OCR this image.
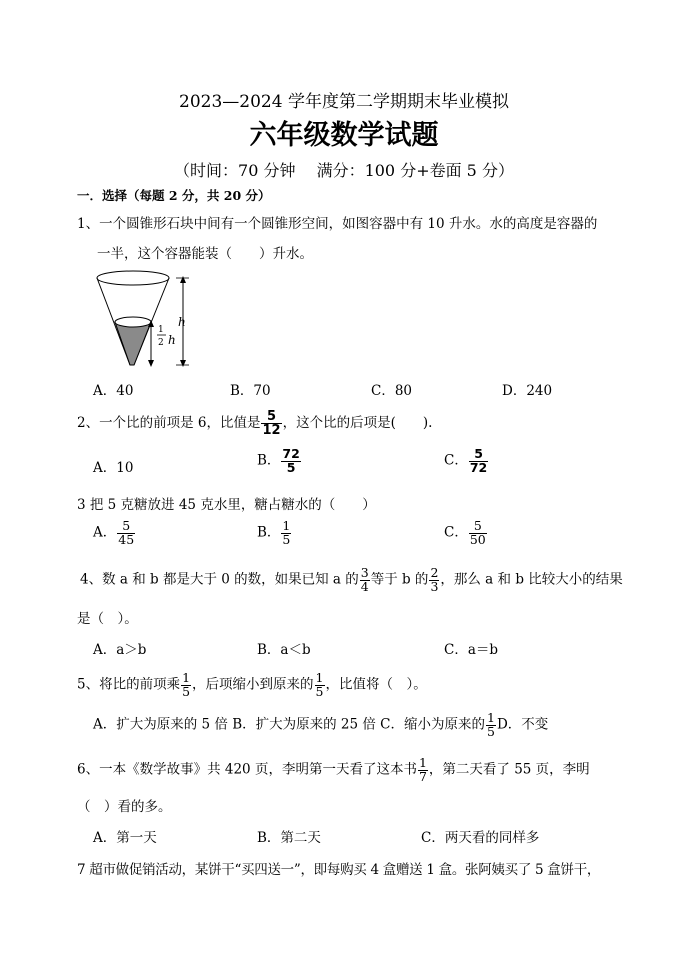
2023—2024 学年度第二学期期末毕业模拟
六年级数学试题
（时间：70 分钟　 满分：100 分+卷面 5 分）
一．选择（每题 2 分，共 20 分）
1、一个圆锥形石块中间有一个圆锥形空间，如图容器中有 10 升水。水的高度是容器的
一半，这个容器能装（　　）升水。
h
1
2 h
A．40	B．70	C．80	D．240
2、一个比的前项是 6，比值是 $\frac{5}{12}$ ，这个比的后项是(　　).
A．10	B． $\frac{72}{5}$	C． $\frac{5}{72}$
3 把 5 克糖放进 45 克水里，糖占糖水的（　　）
A． $\frac{5}{45}$	B． $\frac{1}{5}$	C． $\frac{5}{50}$
4、数 a 和 b 都是大于 0 的数，如果已知 a 的 $\frac{3}{4}$ 等于 b 的 $\frac{2}{3}$ ，那么 a 和 b 比较大小的结果
是（　）。
A．a＞b	B．a＜b	C．a＝b
5、将比的前项乘 $\frac{1}{5}$ ，后项缩小到原来的 $\frac{1}{5}$ ，比值将（　）。
A．扩大为原来的 5 倍 B．扩大为原来的 25 倍 C．缩小为原来的 $\frac{1}{5}$ D．不变
6、一本《数学故事》共 420 页，李明第一天看了这本书 $\frac{1}{7}$ ，第二天看了 55 页，李明
（　）看的多。
A．第一天	B．第二天	C．两天看的同样多
7 超市做促销活动，某饼干“买四送一”，即每购买 4 盒赠送 1 盒。张阿姨买了 5 盒饼干，
